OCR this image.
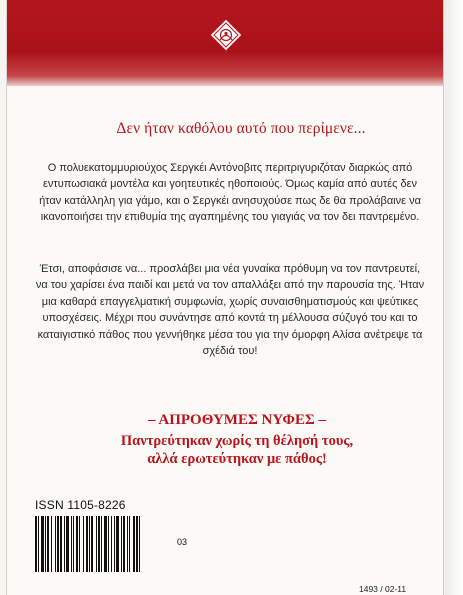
Δεν ήταν καθόλου αυτό που περίμενε...

Ο πολυεκατομμυριούχος Σεργκέι Αντόνοβιτς περιτριγυριζόταν διαρκώς από εντυπωσιακά μοντέλα και γοητευτικές ηθοποιούς. Όμως καμία από αυτές δεν ήταν κατάλληλη για γάμο, και ο Σεργκέι ανησυχούσε πως δε θα προλάβαινε να ικανοποιήσει την επιθυμία της αγαπημένης του γιαγιάς να τον δει παντρεμένο.

Έτσι, αποφάσισε να... προσλάβει μια νέα γυναίκα πρόθυμη να τον παντρευτεί, να του χαρίσει ένα παιδί και μετά να τον απαλλάξει από την παρουσία της. Ήταν μια καθαρά επαγγελματική συμφωνία, χωρίς συναισθηματισμούς και ψεύτικες υποσχέσεις. Μέχρι που συνάντησε από κοντά τη μέλλουσα σύζυγό του και το καταιγιστικό πάθος που γεννήθηκε μέσα του για την όμορφη Αλίσα ανέτρεψε τα σχέδιά του!

– ΑΠΡΟΘΥΜΕΣ ΝΥΦΕΣ –
Παντρεύτηκαν χωρίς τη θέλησή τους,
αλλά ερωτεύτηκαν με πάθος!
ISSN 1105-8226
03
1493 / 02-11
